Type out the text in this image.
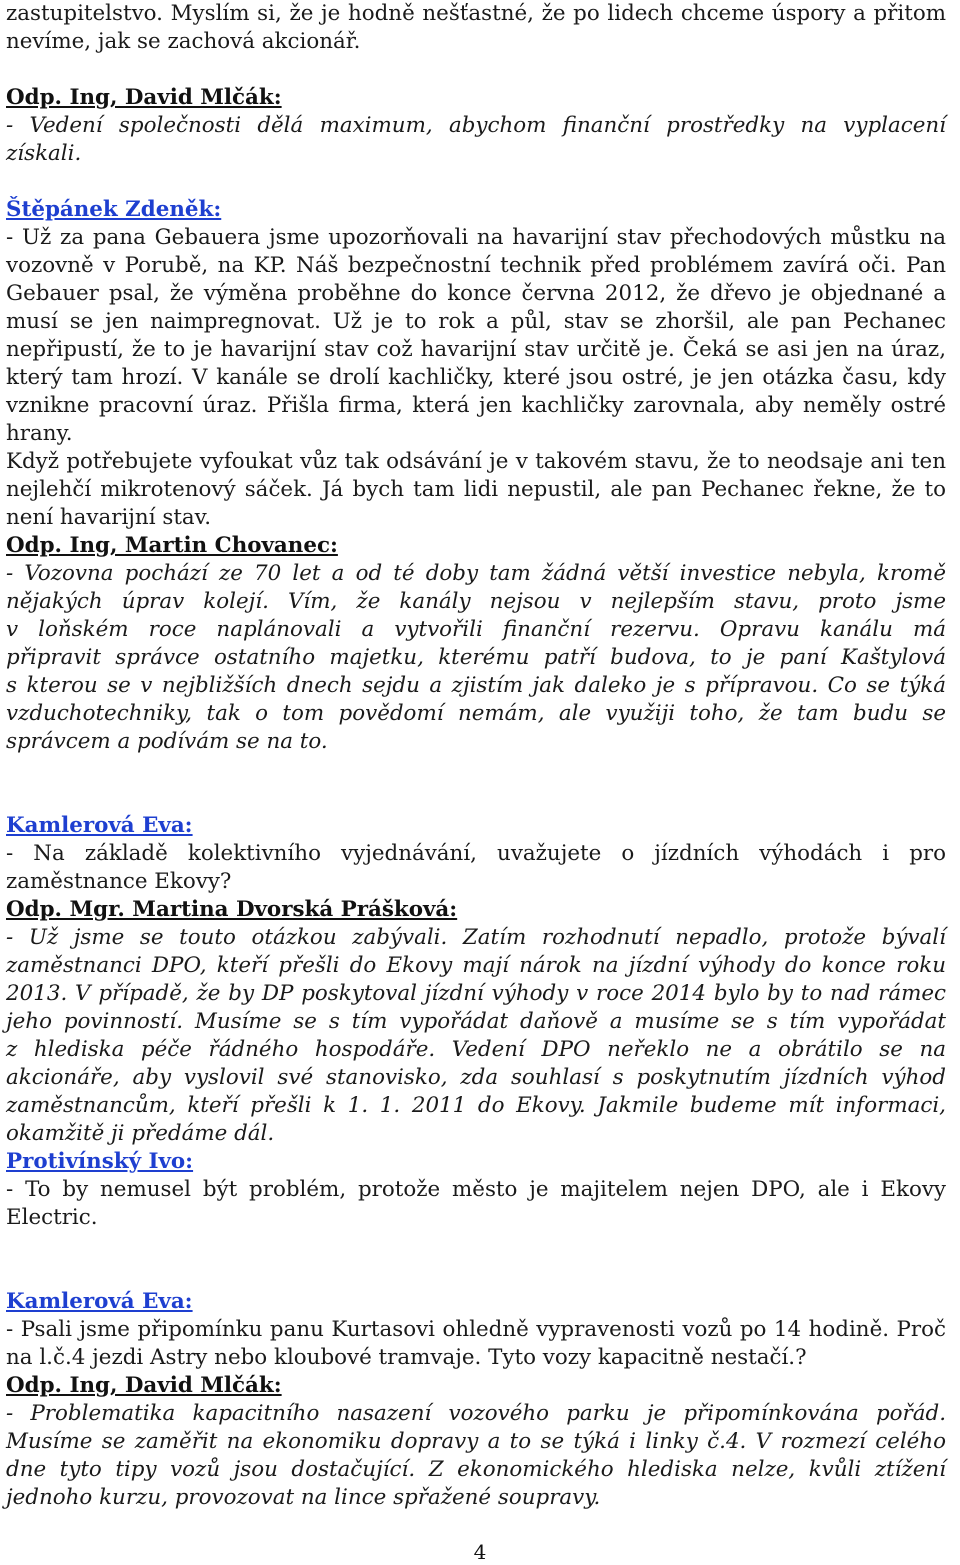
zastupitelstvo. Myslím si, že je hodně nešťastné, že po lidech chceme úspory a přitom
nevíme, jak se zachová akcionář.
Odp. Ing, David Mlčák:
- Vedení společnosti dělá maximum, abychom finanční prostředky na vyplacení
získali.
Štěpánek Zdeněk:
- Už za pana Gebauera jsme upozorňovali na havarijní stav přechodových můstku na
vozovně v Porubě, na KP. Náš bezpečnostní technik před problémem zavírá oči. Pan
Gebauer psal, že výměna proběhne do konce června 2012, že dřevo je objednané a
musí se jen naimpregnovat. Už je to rok a půl, stav se zhoršil, ale pan Pechanec
nepřipustí, že to je havarijní stav což havarijní stav určitě je. Čeká se asi jen na úraz,
který tam hrozí. V kanále se drolí kachličky, které jsou ostré, je jen otázka času, kdy
vznikne pracovní úraz. Přišla firma, která jen kachličky zarovnala, aby neměly ostré
hrany.
Když potřebujete vyfoukat vůz tak odsávání je v takovém stavu, že to neodsaje ani ten
nejlehčí mikrotenový sáček. Já bych tam lidi nepustil, ale pan Pechanec řekne, že to
není havarijní stav.
Odp. Ing, Martin Chovanec:
- Vozovna pochází ze 70 let a od té doby tam žádná větší investice nebyla, kromě
nějakých úprav kolejí. Vím, že kanály nejsou v nejlepším stavu, proto jsme
v loňském roce naplánovali a vytvořili finanční rezervu. Opravu kanálu má
připravit správce ostatního majetku, kterému patří budova, to je paní Kaštylová
s kterou se v nejbližších dnech sejdu a zjistím jak daleko je s přípravou. Co se týká
vzduchotechniky, tak o tom povědomí nemám, ale využiji toho, že tam budu se
správcem a podívám se na to.
Kamlerová Eva:
- Na základě kolektivního vyjednávání, uvažujete o jízdních výhodách i pro
zaměstnance Ekovy?
Odp. Mgr. Martina Dvorská Prášková:
- Už jsme se touto otázkou zabývali. Zatím rozhodnutí nepadlo, protože bývalí
zaměstnanci DPO, kteří přešli do Ekovy mají nárok na jízdní výhody do konce roku
2013. V případě, že by DP poskytoval jízdní výhody v roce 2014 bylo by to nad rámec
jeho povinností. Musíme se s tím vypořádat daňově a musíme se s tím vypořádat
z hlediska péče řádného hospodáře. Vedení DPO neřeklo ne a obrátilo se na
akcionáře, aby vyslovil své stanovisko, zda souhlasí s poskytnutím jízdních výhod
zaměstnancům, kteří přešli k 1. 1. 2011 do Ekovy. Jakmile budeme mít informaci,
okamžitě ji předáme dál.
Protivínský Ivo:
- To by nemusel být problém, protože město je majitelem nejen DPO, ale i Ekovy
Electric.
Kamlerová Eva:
- Psali jsme připomínku panu Kurtasovi ohledně vypravenosti vozů po 14 hodině. Proč
na l.č.4 jezdi Astry nebo kloubové tramvaje. Tyto vozy kapacitně nestačí.?
Odp. Ing, David Mlčák:
- Problematika kapacitního nasazení vozového parku je připomínkována pořád.
Musíme se zaměřit na ekonomiku dopravy a to se týká i linky č.4. V rozmezí celého
dne tyto tipy vozů jsou dostačující. Z ekonomického hlediska nelze, kvůli ztížení
jednoho kurzu, provozovat na lince spřažené soupravy.
4
